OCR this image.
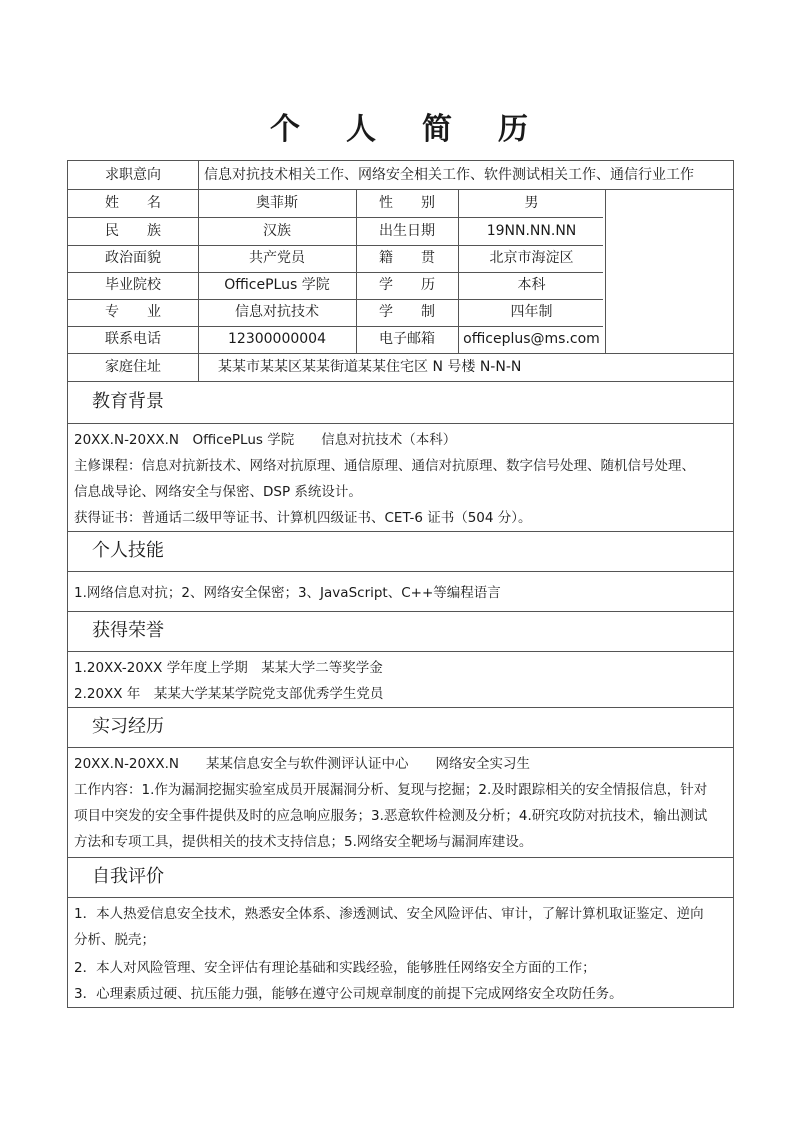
个 人 简 历
求职意向	信息对抗技术相关工作、网络安全相关工作、软件测试相关工作、通信行业工作
姓　　名	奥菲斯	性　　别	男
民　　族	汉族	出生日期	19NN.NN.NN
政治面貌	共产党员	籍　　贯	北京市海淀区
毕业院校	OfficePLus 学院	学　　历	本科
专　　业	信息对抗技术	学　　制	四年制
联系电话	12300000004	电子邮箱	officeplus@ms.com
家庭住址	某某市某某区某某街道某某住宅区 N 号楼 N-N-N
教育背景
20XX.N-20XX.N　OfficePLus 学院　　信息对抗技术（本科）
主修课程：信息对抗新技术、网络对抗原理、通信原理、通信对抗原理、数字信号处理、随机信号处理、
信息战导论、网络安全与保密、DSP 系统设计。
获得证书：普通话二级甲等证书、计算机四级证书、CET-6 证书（504 分）。
个人技能
1.网络信息对抗；2、网络安全保密；3、JavaScript、C++等编程语言
获得荣誉
1.20XX-20XX 学年度上学期　某某大学二等奖学金
2.20XX 年　某某大学某某学院党支部优秀学生党员
实习经历
20XX.N-20XX.N　　某某信息安全与软件测评认证中心　　网络安全实习生
工作内容：1.作为漏洞挖掘实验室成员开展漏洞分析、复现与挖掘；2.及时跟踪相关的安全情报信息，针对
项目中突发的安全事件提供及时的应急响应服务；3.恶意软件检测及分析；4.研究攻防对抗技术，输出测试
方法和专项工具，提供相关的技术支持信息；5.网络安全靶场与漏洞库建设。
自我评价
1．本人热爱信息安全技术，熟悉安全体系、渗透测试、安全风险评估、审计，了解计算机取证鉴定、逆向
分析、脱壳；
2．本人对风险管理、安全评估有理论基础和实践经验，能够胜任网络安全方面的工作；
3．心理素质过硬、抗压能力强，能够在遵守公司规章制度的前提下完成网络安全攻防任务。
